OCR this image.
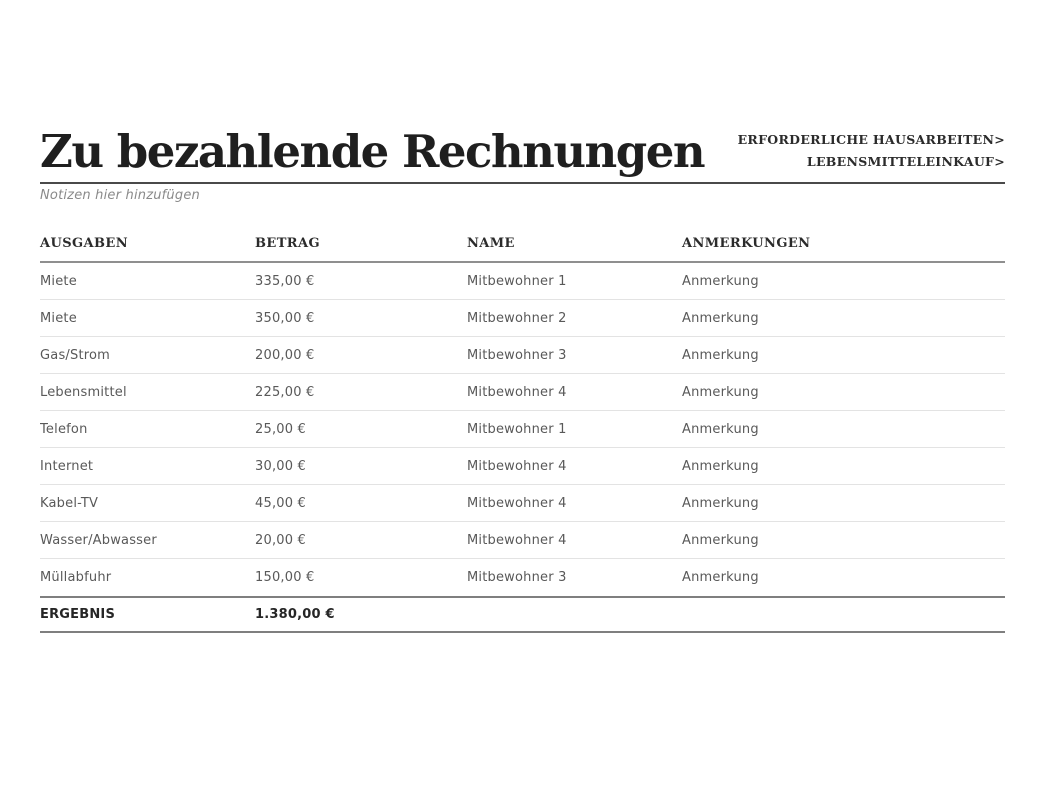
Zu bezahlende Rechnungen	ERFORDERLICHE HAUSARBEITEN>
LEBENSMITTELEINKAUF>
Notizen hier hinzufügen
AUSGABEN	BETRAG	NAME	ANMERKUNGEN
Miete	335,00 €	Mitbewohner 1	Anmerkung
Miete	350,00 €	Mitbewohner 2	Anmerkung
Gas/Strom	200,00 €	Mitbewohner 3	Anmerkung
Lebensmittel	225,00 €	Mitbewohner 4	Anmerkung
Telefon	25,00 €	Mitbewohner 1	Anmerkung
Internet	30,00 €	Mitbewohner 4	Anmerkung
Kabel-TV	45,00 €	Mitbewohner 4	Anmerkung
Wasser/Abwasser	20,00 €	Mitbewohner 4	Anmerkung
Müllabfuhr	150,00 €	Mitbewohner 3	Anmerkung
ERGEBNIS	1.380,00 €
